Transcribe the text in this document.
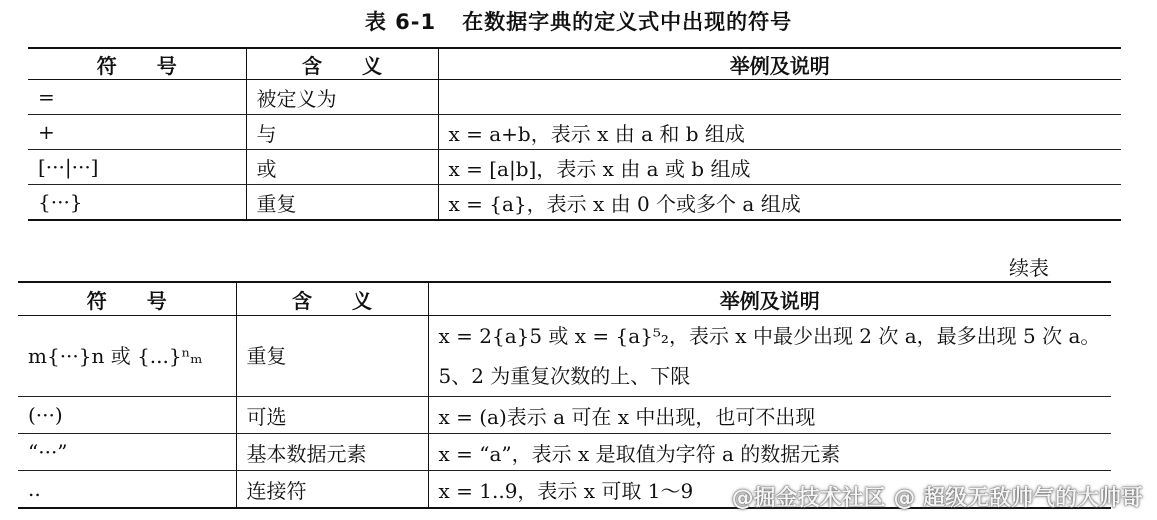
表 6-1 在数据字典的定义式中出现的符号
符　　号	含　　义	举例及说明
=	被定义为	
+	与	x = a+b，表示 x 由 a 和 b 组成
[···|···]	或	x = [a|b]，表示 x 由 a 或 b 组成
{···}	重复	x = {a}，表示 x 由 0 个或多个 a 组成
续表
符　　号	含　　义	举例及说明
m{···}n 或 {...}ⁿₘ	重复	x = 2{a}5 或 x = {a}⁵₂，表示 x 中最少出现 2 次 a，最多出现 5 次 a。5、2 为重复次数的上、下限
(···)	可选	x = (a)表示 a 可在 x 中出现，也可不出现
“···”	基本数据元素	x = “a”，表示 x 是取值为字符 a 的数据元素
..	连接符	x = 1..9，表示 x 可取 1～9 @掘金技术社区 @ 超级无敌帅气的大帅哥
